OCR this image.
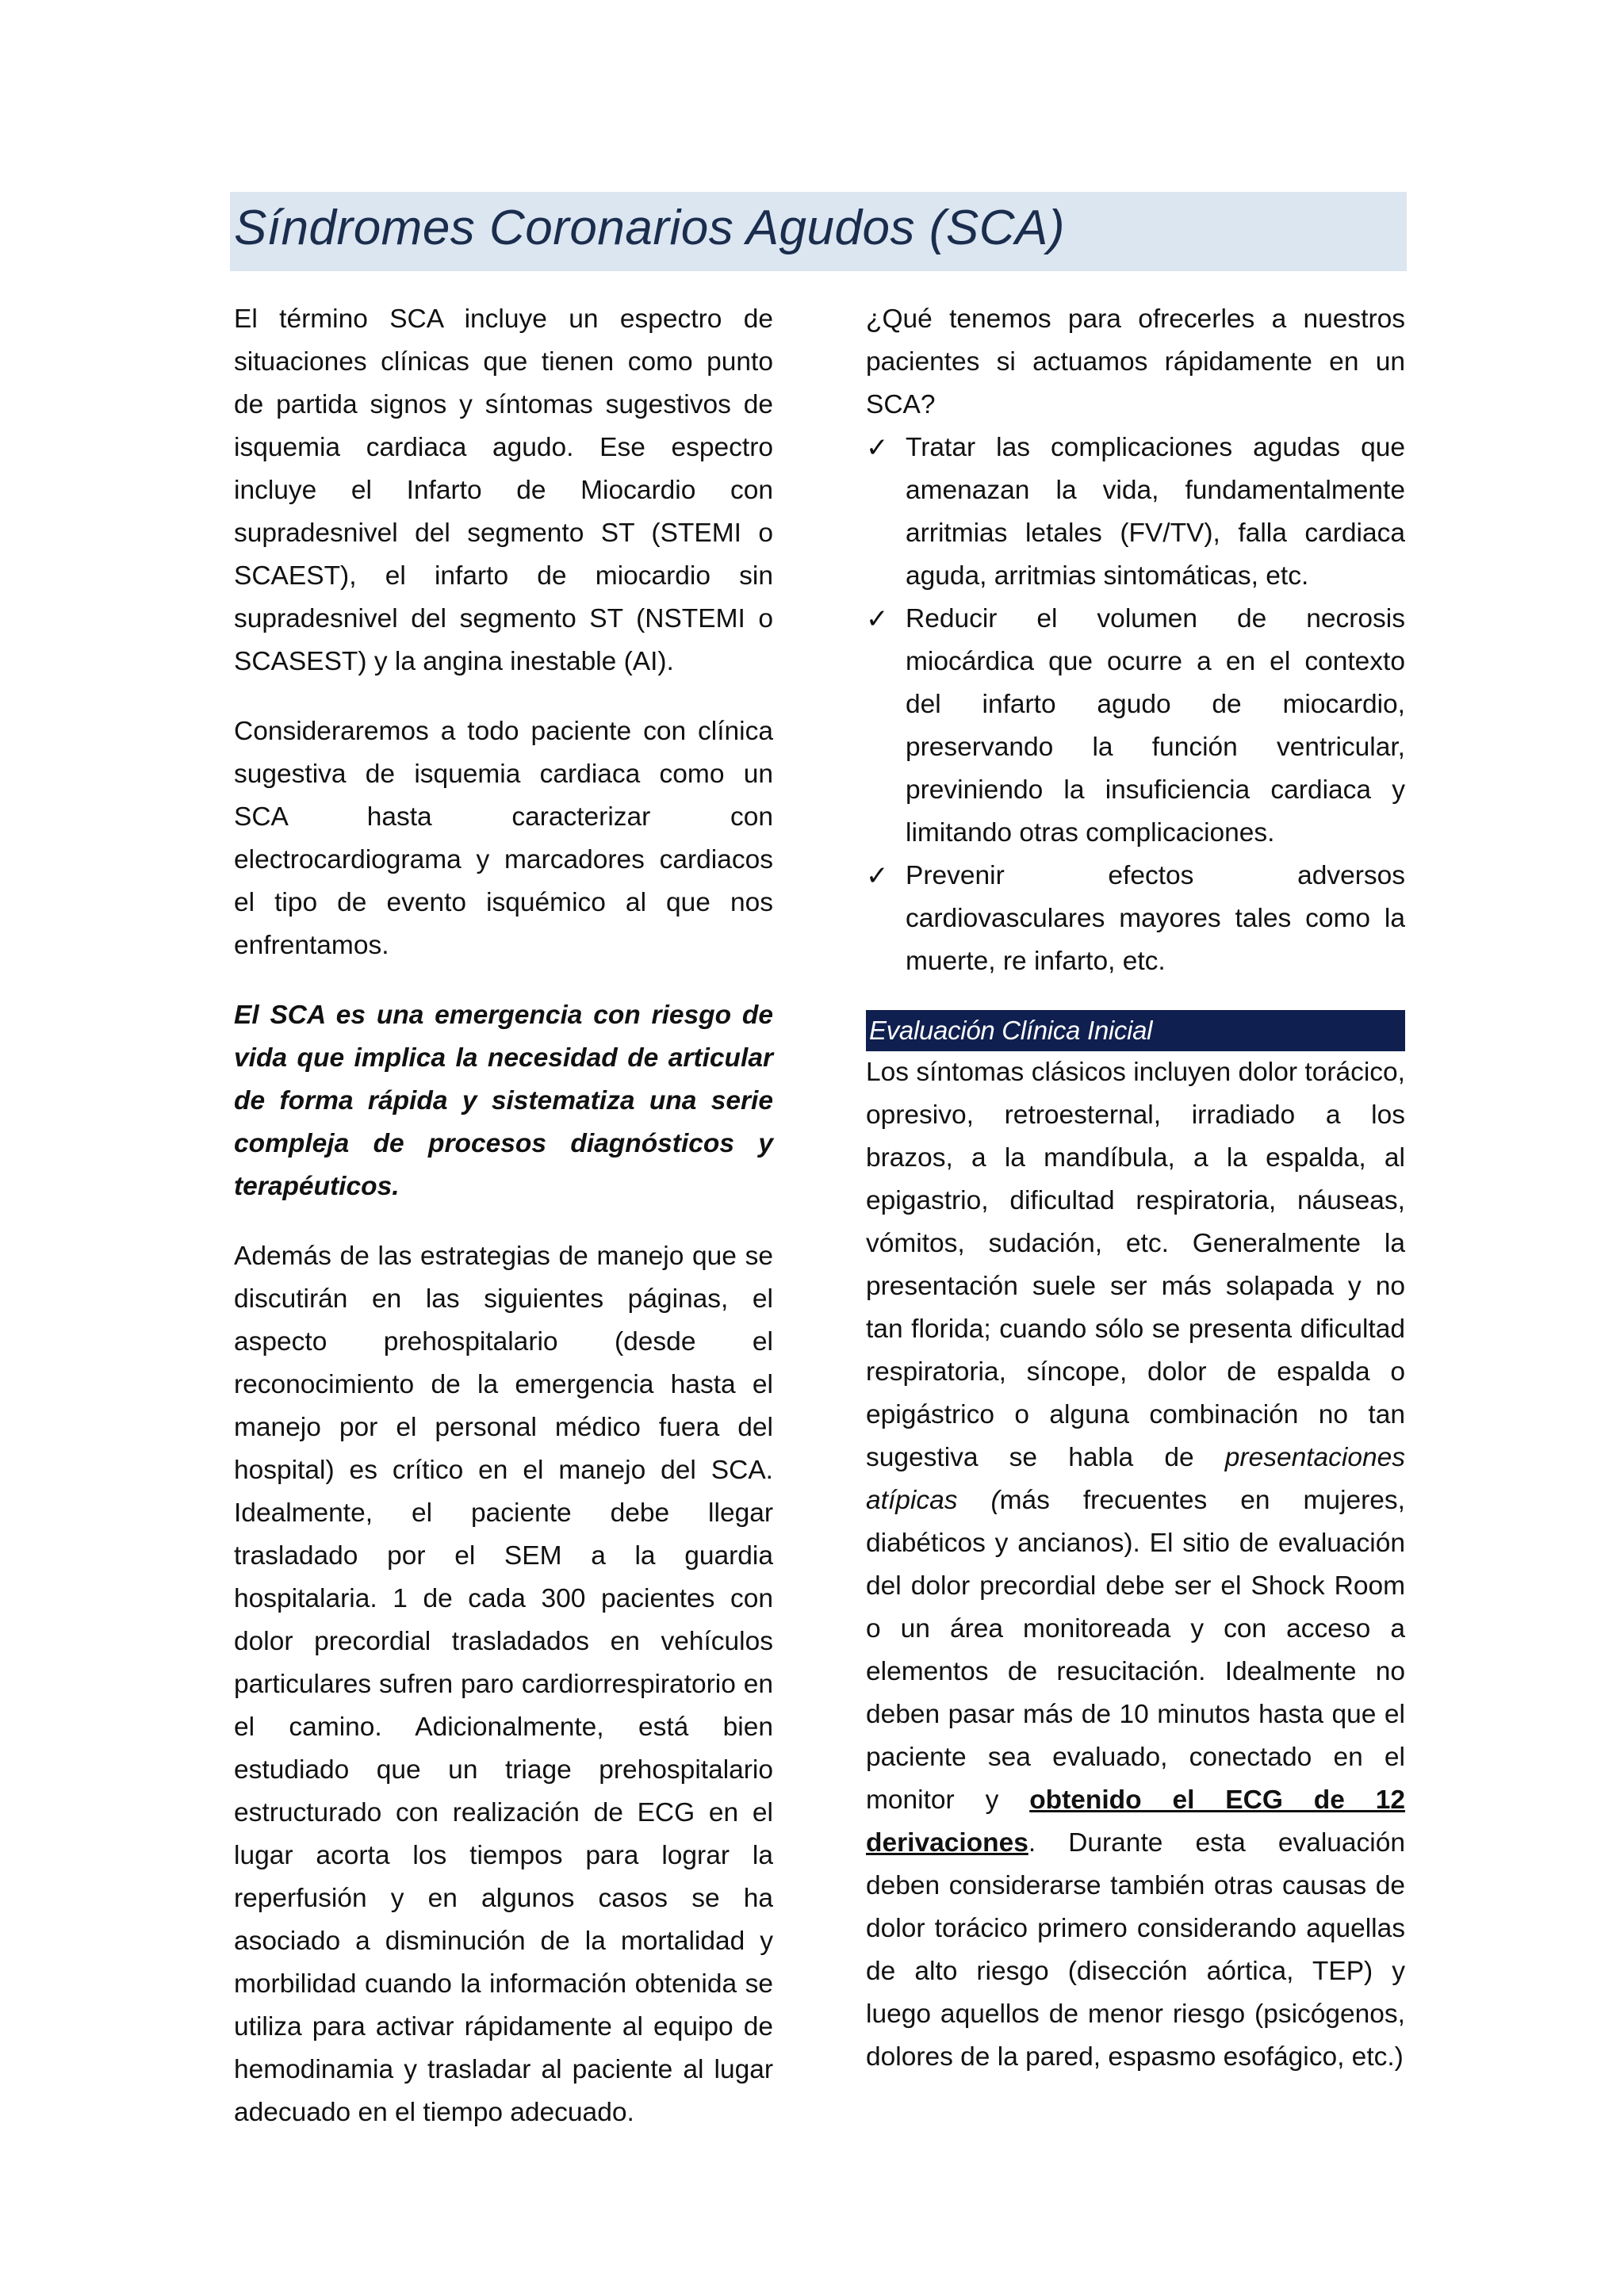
Síndromes Coronarios Agudos (SCA)

El término SCA incluye un espectro de situaciones clínicas que tienen como punto de partida signos y síntomas sugestivos de isquemia cardiaca agudo. Ese espectro incluye el Infarto de Miocardio con supradesnivel del segmento ST (STEMI o SCAEST), el infarto de miocardio sin supradesnivel del segmento ST (NSTEMI o SCASEST) y la angina inestable (AI).

Consideraremos a todo paciente con clínica sugestiva de isquemia cardiaca como un SCA hasta caracterizar con electrocardiograma y marcadores cardiacos el tipo de evento isquémico al que nos enfrentamos.

El SCA es una emergencia con riesgo de vida que implica la necesidad de articular de forma rápida y sistematiza una serie compleja de procesos diagnósticos y terapéuticos.

Además de las estrategias de manejo que se discutirán en las siguientes páginas, el aspecto prehospitalario (desde el reconocimiento de la emergencia hasta el manejo por el personal médico fuera del hospital) es crítico en el manejo del SCA. Idealmente, el paciente debe llegar trasladado por el SEM a la guardia hospitalaria. 1 de cada 300 pacientes con dolor precordial trasladados en vehículos particulares sufren paro cardiorrespiratorio en el camino. Adicionalmente, está bien estudiado que un triage prehospitalario estructurado con realización de ECG en el lugar acorta los tiempos para lograr la reperfusión y en algunos casos se ha asociado a disminución de la mortalidad y morbilidad cuando la información obtenida se utiliza para activar rápidamente al equipo de hemodinamia y trasladar al paciente al lugar adecuado en el tiempo adecuado.

¿Qué tenemos para ofrecerles a nuestros pacientes si actuamos rápidamente en un SCA?

✓ Tratar las complicaciones agudas que amenazan la vida, fundamentalmente arritmias letales (FV/TV), falla cardiaca aguda, arritmias sintomáticas, etc.
✓ Reducir el volumen de necrosis miocárdica que ocurre a en el contexto del infarto agudo de miocardio, preservando la función ventricular, previniendo la insuficiencia cardiaca y limitando otras complicaciones.
✓ Prevenir efectos adversos cardiovasculares mayores tales como la muerte, re infarto, etc.
Evaluación Clínica Inicial

Los síntomas clásicos incluyen dolor torácico, opresivo, retroesternal, irradiado a los brazos, a la mandíbula, a la espalda, al epigastrio, dificultad respiratoria, náuseas, vómitos, sudación, etc. Generalmente la presentación suele ser más solapada y no tan florida; cuando sólo se presenta dificultad respiratoria, síncope, dolor de espalda o epigástrico o alguna combinación no tan sugestiva se habla de presentaciones atípicas (más frecuentes en mujeres, diabéticos y ancianos). El sitio de evaluación del dolor precordial debe ser el Shock Room o un área monitoreada y con acceso a elementos de resucitación. Idealmente no deben pasar más de 10 minutos hasta que el paciente sea evaluado, conectado en el monitor y obtenido el ECG de 12 derivaciones. Durante esta evaluación deben considerarse también otras causas de dolor torácico primero considerando aquellas de alto riesgo (disección aórtica, TEP) y luego aquellos de menor riesgo (psicógenos, dolores de la pared, espasmo esofágico, etc.)
